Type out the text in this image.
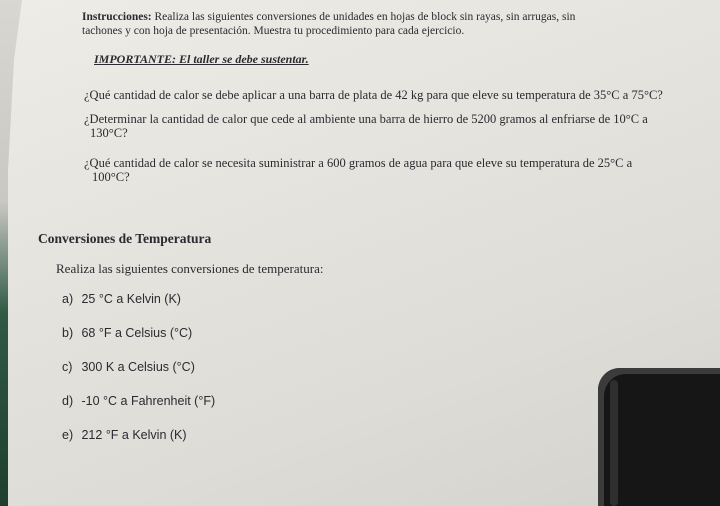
Instrucciones: Realiza las siguientes conversiones de unidades en hojas de block sin rayas, sin arrugas, sin
tachones y con hoja de presentación. Muestra tu procedimiento para cada ejercicio.
IMPORTANTE: El taller se debe sustentar.
¿Qué cantidad de calor se debe aplicar a una barra de plata de 42 kg para que eleve su temperatura de 35°C a 75°C?
¿Determinar la cantidad de calor que cede al ambiente una barra de hierro de 5200 gramos al enfriarse de 10°C a
130°C?
¿Qué cantidad de calor se necesita suministrar a 600 gramos de agua para que eleve su temperatura de 25°C a
100°C?
Conversiones de Temperatura
Realiza las siguientes conversiones de temperatura:
a) 25 °C a Kelvin (K)
b) 68 °F a Celsius (°C)
c) 300 K a Celsius (°C)
d) -10 °C a Fahrenheit (°F)
e) 212 °F a Kelvin (K)
